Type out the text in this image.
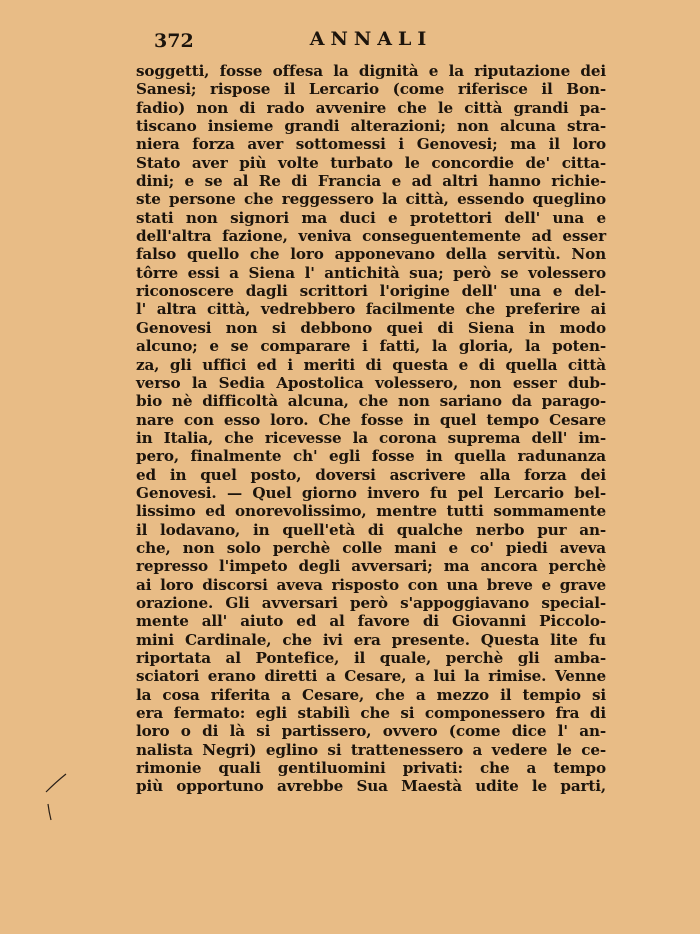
372	ANNALI
soggetti, fosse offesa la dignità e la riputazione dei
Sanesi; rispose il Lercario (come riferisce il Bon-
fadio) non di rado avvenire che le città grandi pa-
tiscano insieme grandi alterazioni; non alcuna stra-
niera forza aver sottomessi i Genovesi; ma il loro
Stato aver più volte turbato le concordie de' citta-
dini; e se al Re di Francia e ad altri hanno richie-
ste persone che reggessero la città, essendo queglino
stati non signori ma duci e protettori dell' una e
dell'altra fazione, veniva conseguentemente ad esser
falso quello che loro apponevano della servitù. Non
tôrre essi a Siena l' antichità sua; però se volessero
riconoscere dagli scrittori l'origine dell' una e del-
l' altra città, vedrebbero facilmente che preferire ai
Genovesi non si debbono quei di Siena in modo
alcuno; e se comparare i fatti, la gloria, la poten-
za, gli uffici ed i meriti di questa e di quella città
verso la Sedia Apostolica volessero, non esser dub-
bio nè difficoltà alcuna, che non sariano da parago-
nare con esso loro. Che fosse in quel tempo Cesare
in Italia, che ricevesse la corona suprema dell' im-
pero, finalmente ch' egli fosse in quella radunanza
ed in quel posto, doversi ascrivere alla forza dei
Genovesi. — Quel giorno invero fu pel Lercario bel-
lissimo ed onorevolissimo, mentre tutti sommamente
il lodavano, in quell'età di qualche nerbo pur an-
che, non solo perchè colle mani e co' piedi aveva
represso l'impeto degli avversari; ma ancora perchè
ai loro discorsi aveva risposto con una breve e grave
orazione. Gli avversari però s'appoggiavano special-
mente all' aiuto ed al favore di Giovanni Piccolo-
mini Cardinale, che ivi era presente. Questa lite fu
riportata al Pontefice, il quale, perchè gli amba-
sciatori erano diretti a Cesare, a lui la rimise. Venne
la cosa riferita a Cesare, che a mezzo il tempio si
era fermato: egli stabilì che si componessero fra di
loro o di là si partissero, ovvero (come dice l' an-
nalista Negri) eglino si trattenessero a vedere le ce-
rimonie quali gentiluomini privati: che a tempo
più opportuno avrebbe Sua Maestà udite le parti,
